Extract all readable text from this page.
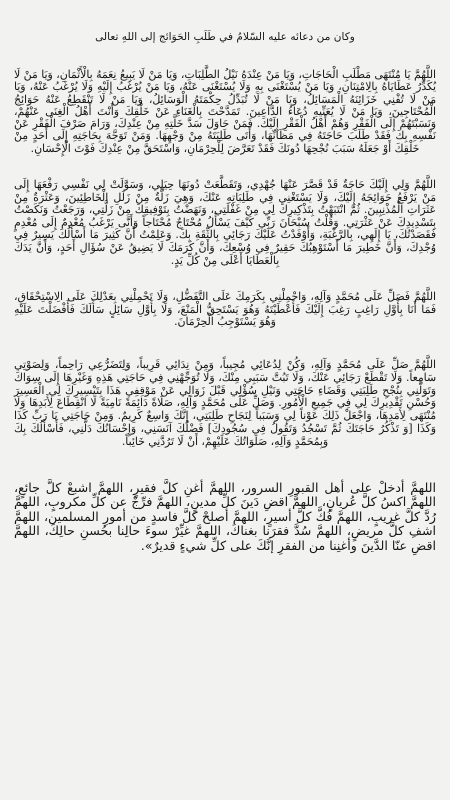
وكان من دعائه عليه السّلامُ في طَلَبِ الحَوَائج إلى اللهِ تعالى

اللَّهُمَّ يَا مُنْتَهَى مَطْلَبِ الْحَاجَاتِ، وَيَا مَنْ عِنْدَهُ نَيْلُ الطَّلِبَاتِ، وَيَا مَنْ لَا يَبِيعُ نِعَمَهُ بِالْأَثْمَانِ، وَيَا مَنْ لَا يُكَدِّرُ عَطَايَاهُ بِالِامْتِنَانِ، وَيَا مَنْ يُسْتَغْنَى بِهِ وَلَا يُسْتَغْنَى عَنْهُ، وَيَا مَنْ يُرْغَبُ إِلَيْهِ وَلَا يُرْغَبُ عَنْهُ، وَيَا مَنْ لَا تُفْنِي خَزَائِنَهُ الْمَسَائِلُ، وَيَا مَنْ لَا تُبَدِّلُ حِكْمَتَهُ الْوَسَائِلُ، وَيَا مَنْ لَا تَنْقَطِعُ عَنْهُ حَوَائِجُ الْمُحْتَاجِينَ، وَيَا مَنْ لَا يُعَنِّيهِ دُعَاءُ الدَّاعِينَ. تَمَدَّحْتَ بِالْغَنَاءِ عَنْ خَلْقِكَ وَأَنْتَ أَهْلُ الْغِنَى عَنْهُمْ، وَنَسَبْتَهُمْ إِلَى الْفَقْرِ وَهُمْ أَهْلُ الْفَقْرِ إِلَيْكَ. فَمَنْ حَاوَلَ سَدَّ خَلَّتِهِ مِنْ عِنْدِكَ، وَرَامَ صَرْفَ الْفَقْرِ عَنْ نَفْسِهِ بِكَ فَقَدْ طَلَبَ حَاجَتَهُ فِي مَظَانِّهَا، وَأَتَى طَلِبَتَهُ مِنْ وَجْهِهَا. وَمَنْ تَوَجَّهَ بِحَاجَتِهِ إِلَى أَحَدٍ مِنْ خَلْقِكَ أَوْ جَعَلَهُ سَبَبَ نُجْحِهَا دُونَكَ فَقَدْ تَعَرَّضَ لِلْحِرْمَانِ، وَاسْتَحَقَّ مِنْ عِنْدِكَ فَوْتَ الْإِحْسَانِ.

اللَّهُمَّ وَلِي إِلَيْكَ حَاجَةٌ قَدْ قَصَّرَ عَنْهَا جُهْدِي، وَتَقَطَّعَتْ دُونَهَا حِيَلِي، وَسَوَّلَتْ لِي نَفْسِي رَفْعَهَا إِلَى مَنْ يَرْفَعُ حَوَائِجَهُ إِلَيْكَ، وَلَا يَسْتَغْنِي فِي طَلِبَاتِهِ عَنْكَ، وَهِيَ زَلَّةٌ مِنْ زَلَلِ الْخَاطِئِينَ، وَعَثْرَةٌ مِنْ عَثَرَاتِ الْمُذْنِبِينَ. ثُمَّ انْتَبَهْتُ بِتَذْكِيرِكَ لِي مِنْ غَفْلَتِي، وَنَهَضْتُ بِتَوْفِيقِكَ مِنْ زَلَّتِي، وَرَجَعْتُ وَنَكَصْتُ بِتَسْدِيدِكَ عَنْ عَثْرَتِي. وَقُلْتُ سُبْحَانَ رَبِّي كَيْفَ يَسْأَلُ مُحْتَاجٌ مُحْتَاجاً وَأَنَّى يَرْغَبُ مُعْدِمٌ إِلَى مُعْدِمٍ فَقَصَدْتُكَ، يَا إِلَهِي، بِالرَّغْبَةِ، وَأَوْفَدْتُ عَلَيْكَ رَجَائِي بِالثِّقَةِ بِكَ. وَعَلِمْتُ أَنَّ كَثِيرَ مَا أَسْأَلُكَ يَسِيرٌ فِي وُجْدِكَ، وَأَنَّ خَطِيرَ مَا أَسْتَوْهِبُكَ حَقِيرٌ فِي وُسْعِكَ، وَأَنَّ كَرَمَكَ لَا يَضِيقُ عَنْ سُؤَالِ أَحَدٍ، وَأَنَّ يَدَكَ بِالْعَطَايَا أَعْلَى مِنْ كُلِّ يَدٍ.

اللَّهُمَّ فَصَلِّ عَلَى مُحَمَّدٍ وَآلِهِ، وَاحْمِلْنِي بِكَرَمِكَ عَلَى التَّفَضُّلِ، وَلَا تَحْمِلْنِي بِعَدْلِكَ عَلَى الِاسْتِحْقَاقِ، فَمَا أَنَا بِأَوَّلِ رَاغِبٍ رَغِبَ إِلَيْكَ فَأَعْطَيْتَهُ وَهُوَ يَسْتَحِقُّ الْمَنْعَ، وَلَا بِأَوَّلِ سَائِلٍ سَأَلَكَ فَأَفْضَلْتَ عَلَيْهِ وَهُوَ يَسْتَوْجِبُ الْحِرْمَانَ.

اللَّهُمَّ صَلِّ عَلَى مُحَمَّدٍ وَآلِهِ، وَكُنْ لِدُعَائِي مُجِيباً، وَمِنْ نِدَائِي قَرِيباً، وَلِتَضَرُّعِي رَاحِماً، وَلِصَوْتِي سَامِعاً. وَلَا تَقْطَعْ رَجَائِي عَنْكَ، وَلَا تَبُتَّ سَبَبِي مِنْكَ، وَلَا تُوَجِّهْنِي فِي حَاجَتِي هَذِهِ وَغَيْرِهَا إِلَى سِوَاكَ وَتَوَلَّنِي بِنُجْحِ طَلِبَتِي وَقَضَاءِ حَاجَتِي وَنَيْلِ سُؤْلِي قَبْلَ زَوَالِي عَنْ مَوْقِفِي هَذَا بِتَيْسِيرِكَ لِي الْعَسِيرَ وَحُسْنِ تَقْدِيرِكَ لِي فِي جَمِيعِ الْأُمُورِ. وَصَلِّ عَلَى مُحَمَّدٍ وَآلِهِ، صَلَاةً دَائِمَةً نَامِيَةً لَا انْقِطَاعَ لِأَبَدِهَا وَلَا مُنْتَهَى لِأَمَدِهَا، وَاجْعَلْ ذَلِكَ عَوْناً لِي وَسَبَباً لِنَجَاحِ طَلِبَتِي، إِنَّكَ وَاسِعٌ كَرِيمٌ. وَمِنْ حَاجَتِي يَا رَبِّ كَذَا وَكَذَا [وَ تَذْكُرُ حَاجَتَكَ ثُمَّ تَسْجُدُ وَتَقُولُ فِي سُجُودِكَ] فَضْلُكَ آنَسَنِي، وَإِحْسَانُكَ دَلَّنِي، فَأَسْأَلُكَ بِكَ وَبِمُحَمَّدٍ وَآلِهِ، صَلَوَاتُكَ عَلَيْهِمْ، أَنْ لَا تَرُدَّنِي خَائِباً.

اللهمَّ أدخلْ على أهل القبورِ السرور، اللهمَّ أغنِ كلَّ فقيرٍ، اللهمَّ اشبعْ كلَّ جائعٍ، اللهمَّ اكسُ كلَّ عُريانٍ، اللهمَّ اقضِ دَينَ كلِّ مدينٍ، اللهمَّ فرِّجْ عن كلِّ مكروبٍ، اللهمَّ رُدَّ كلَّ غريبٍ، اللهمَّ فُكَّ كلَّ أسيرٍ، اللهمَّ أصلحْ كلَّ فاسدٍ من أمورِ المسلمين، اللهمَّ اشفِ كلَّ مريضٍ، اللهمَّ سُدَّ فقرَنا بغناكَ، اللهمَّ غيِّرْ سوءَ حالِنا بحُسنِ حالِكَ، اللهمَّ اقضِ عنّا الدَّينَ وأغنِنا من الفقرِ إنَّكَ على كلِّ شيءٍ قديرٌ».
